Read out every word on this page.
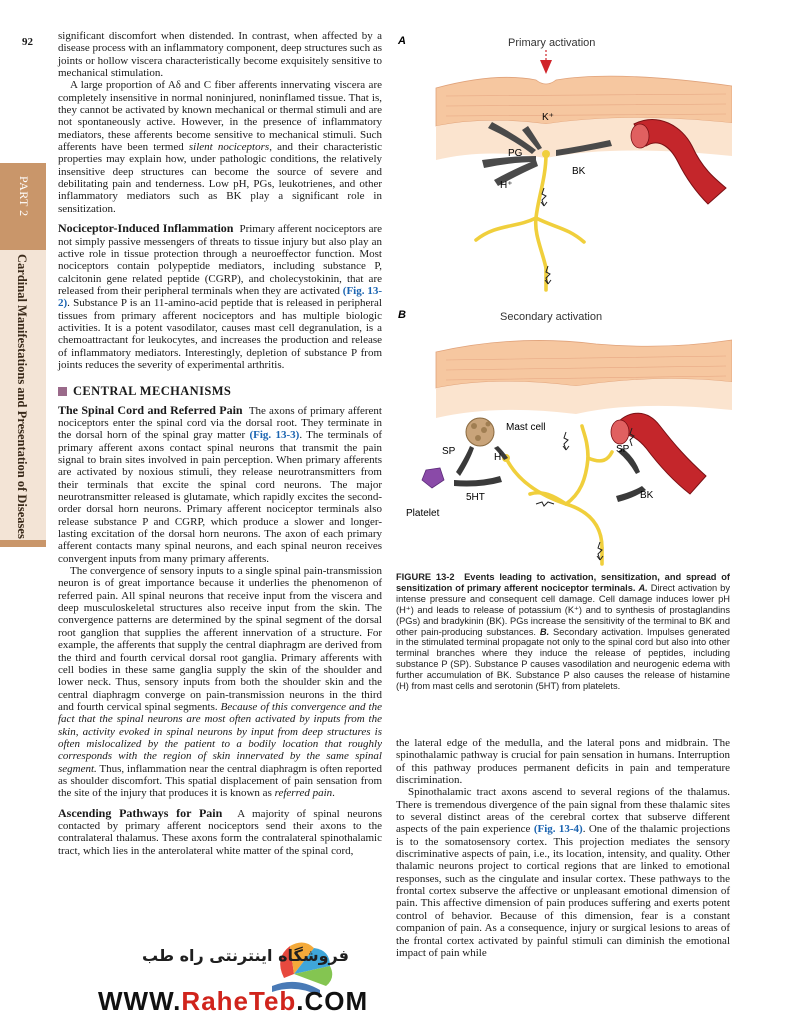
92
PART 2
Cardinal Manifestations and Presentation of Diseases

significant discomfort when distended. In contrast, when affected by a disease process with an inflammatory component, deep structures such as joints or hollow viscera characteristically become exquisitely sensitive to mechanical stimulation.

A large proportion of Aδ and C fiber afferents innervating viscera are completely insensitive in normal noninjured, noninflamed tissue. That is, they cannot be activated by known mechanical or thermal stimuli and are not spontaneously active. However, in the presence of inflammatory mediators, these afferents become sensitive to mechanical stimuli. Such afferents have been termed silent nociceptors, and their characteristic properties may explain how, under pathologic conditions, the relatively insensitive deep structures can become the source of severe and debilitating pain and tenderness. Low pH, PGs, leukotrienes, and other inflammatory mediators such as BK play a significant role in sensitization.

Nociceptor-Induced Inflammation Primary afferent nociceptors are not simply passive messengers of threats to tissue injury but also play an active role in tissue protection through a neuroeffector function. Most nociceptors contain polypeptide mediators, including substance P, calcitonin gene related peptide (CGRP), and cholecystokinin, that are released from their peripheral terminals when they are activated (Fig. 13-2). Substance P is an 11-amino-acid peptide that is released in peripheral tissues from primary afferent nociceptors and has multiple biologic activities. It is a potent vasodilator, causes mast cell degranulation, is a chemoattractant for leukocytes, and increases the production and release of inflammatory mediators. Interestingly, depletion of substance P from joints reduces the severity of experimental arthritis.

CENTRAL MECHANISMS

The Spinal Cord and Referred Pain The axons of primary afferent nociceptors enter the spinal cord via the dorsal root. They terminate in the dorsal horn of the spinal gray matter (Fig. 13-3). The terminals of primary afferent axons contact spinal neurons that transmit the pain signal to brain sites involved in pain perception. When primary afferents are activated by noxious stimuli, they release neurotransmitters from their terminals that excite the spinal cord neurons. The major neurotransmitter released is glutamate, which rapidly excites the second-order dorsal horn neurons. Primary afferent nociceptor terminals also release substance P and CGRP, which produce a slower and longer-lasting excitation of the dorsal horn neurons. The axon of each primary afferent contacts many spinal neurons, and each spinal neuron receives convergent inputs from many primary afferents.

The convergence of sensory inputs to a single spinal pain-transmission neuron is of great importance because it underlies the phenomenon of referred pain. All spinal neurons that receive input from the viscera and deep musculoskeletal structures also receive input from the skin. The convergence patterns are determined by the spinal segment of the dorsal root ganglion that supplies the afferent innervation of a structure. For example, the afferents that supply the central diaphragm are derived from the third and fourth cervical dorsal root ganglia. Primary afferents with cell bodies in these same ganglia supply the skin of the shoulder and lower neck. Thus, sensory inputs from both the shoulder skin and the central diaphragm converge on pain-transmission neurons in the third and fourth cervical spinal segments. Because of this convergence and the fact that the spinal neurons are most often activated by inputs from the skin, activity evoked in spinal neurons by input from deep structures is often mislocalized by the patient to a bodily location that roughly corresponds with the region of skin innervated by the same spinal segment. Thus, inflammation near the central diaphragm is often reported as shoulder discomfort. This spatial displacement of pain sensation from the site of the injury that produces it is known as referred pain.

Ascending Pathways for Pain A majority of spinal neurons contacted by primary afferent nociceptors send their axons to the contralateral thalamus. These axons form the contralateral spinothalamic tract, which lies in the anterolateral white matter of the spinal cord,

A	Primary activation
K⁺
PG
H⁺
BK
B	Secondary activation
Mast cell
Platelet
SP
H
SP
5HT	BK
FIGURE 13-2 Events leading to activation, sensitization, and spread of sensitization of primary afferent nociceptor terminals. A. Direct activation by intense pressure and consequent cell damage. Cell damage induces lower pH (H⁺) and leads to release of potassium (K⁺) and to synthesis of prostaglandins (PGs) and bradykinin (BK). PGs increase the sensitivity of the terminal to BK and other pain-producing substances. B. Secondary activation. Impulses generated in the stimulated terminal propagate not only to the spinal cord but also into other terminal branches where they induce the release of peptides, including substance P (SP). Substance P causes vasodilation and neurogenic edema with further accumulation of BK. Substance P also causes the release of histamine (H) from mast cells and serotonin (5HT) from platelets.

the lateral edge of the medulla, and the lateral pons and midbrain. The spinothalamic pathway is crucial for pain sensation in humans. Interruption of this pathway produces permanent deficits in pain and temperature discrimination.

Spinothalamic tract axons ascend to several regions of the thalamus. There is tremendous divergence of the pain signal from these thalamic sites to several distinct areas of the cerebral cortex that subserve different aspects of the pain experience (Fig. 13-4). One of the thalamic projections is to the somatosensory cortex. This projection mediates the sensory discriminative aspects of pain, i.e., its location, intensity, and quality. Other thalamic neurons project to cortical regions that are linked to emotional responses, such as the cingulate and insular cortex. These pathways to the frontal cortex subserve the affective or unpleasant emotional dimension of pain. This affective dimension of pain produces suffering and exerts potent control of behavior. Because of this dimension, fear is a constant companion of pain. As a consequence, injury or surgical lesions to areas of the frontal cortex activated by painful stimuli can diminish the emotional impact of pain while

فروشگاه اینترنتی راه طب
WWW.RaheTeb.COM
